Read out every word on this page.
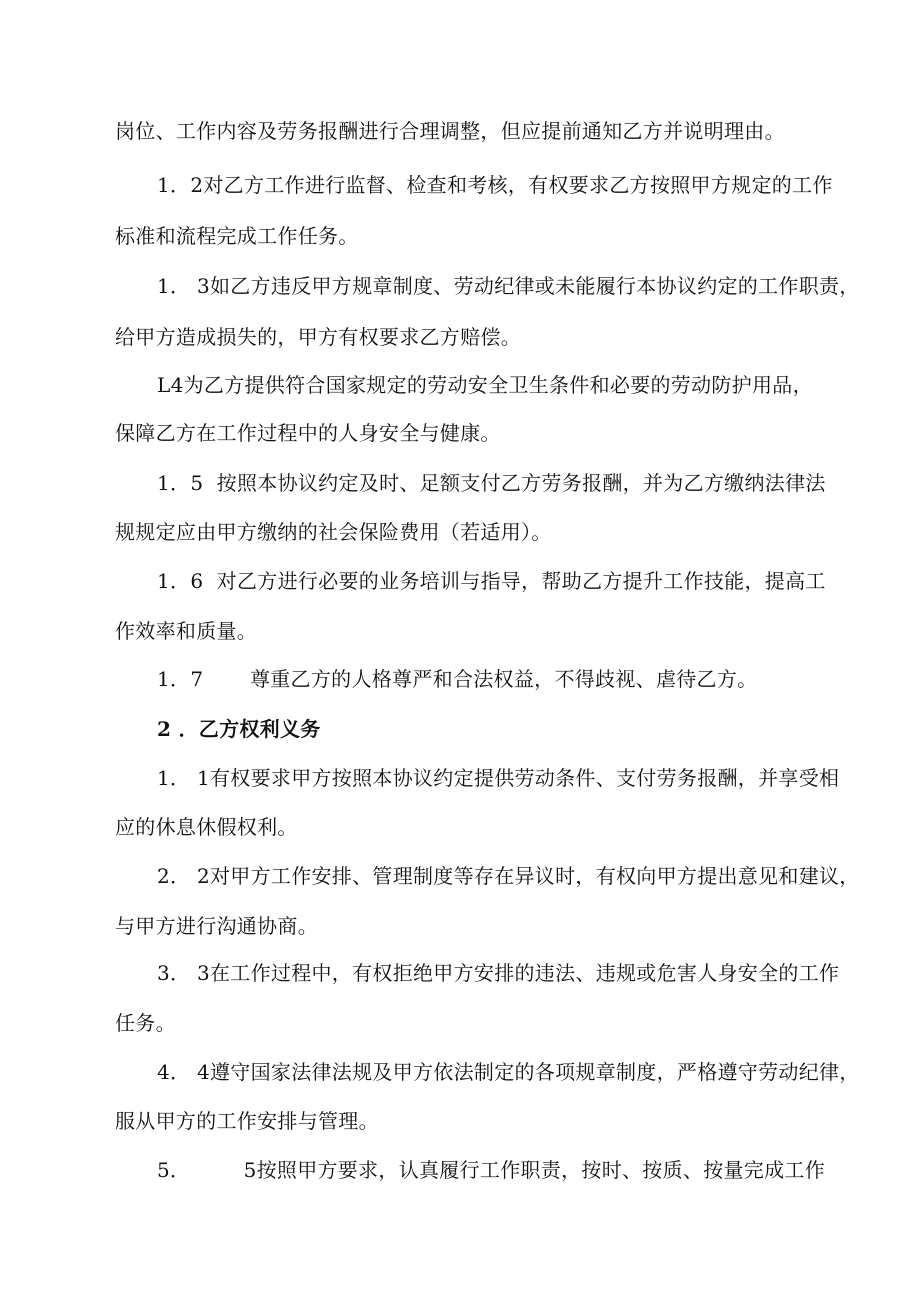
岗位、工作内容及劳务报酬进行合理调整，但应提前通知乙方并说明理由。
1．2对乙方工作进行监督、检查和考核，有权要求乙方按照甲方规定的工作
标准和流程完成工作任务。
1． 3如乙方违反甲方规章制度、劳动纪律或未能履行本协议约定的工作职责，
给甲方造成损失的，甲方有权要求乙方赔偿。
L4为乙方提供符合国家规定的劳动安全卫生条件和必要的劳动防护用品，
保障乙方在工作过程中的人身安全与健康。
1．5  按照本协议约定及时、足额支付乙方劳务报酬，并为乙方缴纳法律法
规规定应由甲方缴纳的社会保险费用（若适用）。
1．6  对乙方进行必要的业务培训与指导，帮助乙方提升工作技能，提高工
作效率和质量。
1．7       尊重乙方的人格尊严和合法权益，不得歧视、虐待乙方。
2 ．乙方权利义务
1． 1有权要求甲方按照本协议约定提供劳动条件、支付劳务报酬，并享受相
应的休息休假权利。
2． 2对甲方工作安排、管理制度等存在异议时，有权向甲方提出意见和建议，
与甲方进行沟通协商。
3． 3在工作过程中，有权拒绝甲方安排的违法、违规或危害人身安全的工作
任务。
4． 4遵守国家法律法规及甲方依法制定的各项规章制度，严格遵守劳动纪律，
服从甲方的工作安排与管理。
5．        5按照甲方要求，认真履行工作职责，按时、按质、按量完成工作
